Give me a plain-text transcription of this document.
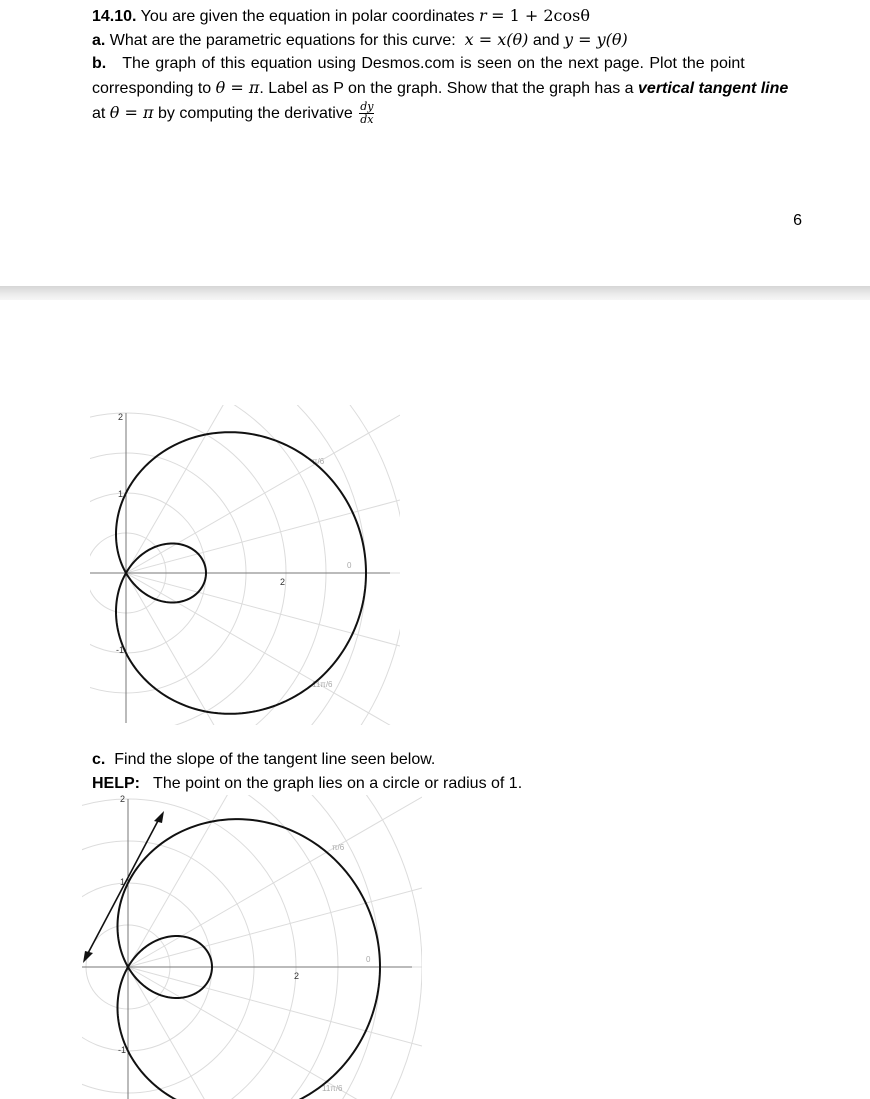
14.10. You are given the equation in polar coordinates r = 1 + 2cosθ
a. What are the parametric equations for this curve: x = x(θ) and y = y(θ)
b. The graph of this equation using Desmos.com is seen on the next page. Plot the point
corresponding to θ = π. Label as P on the graph. Show that the graph has a vertical tangent line
at θ = π by computing the derivative $\frac{dy}{dx}$
6
2
1
-1
2
0
π/6
11π/6
c. Find the slope of the tangent line seen below.
HELP: The point on the graph lies on a circle or radius of 1.
2
1
-1
2
0
π/6
11π/6
